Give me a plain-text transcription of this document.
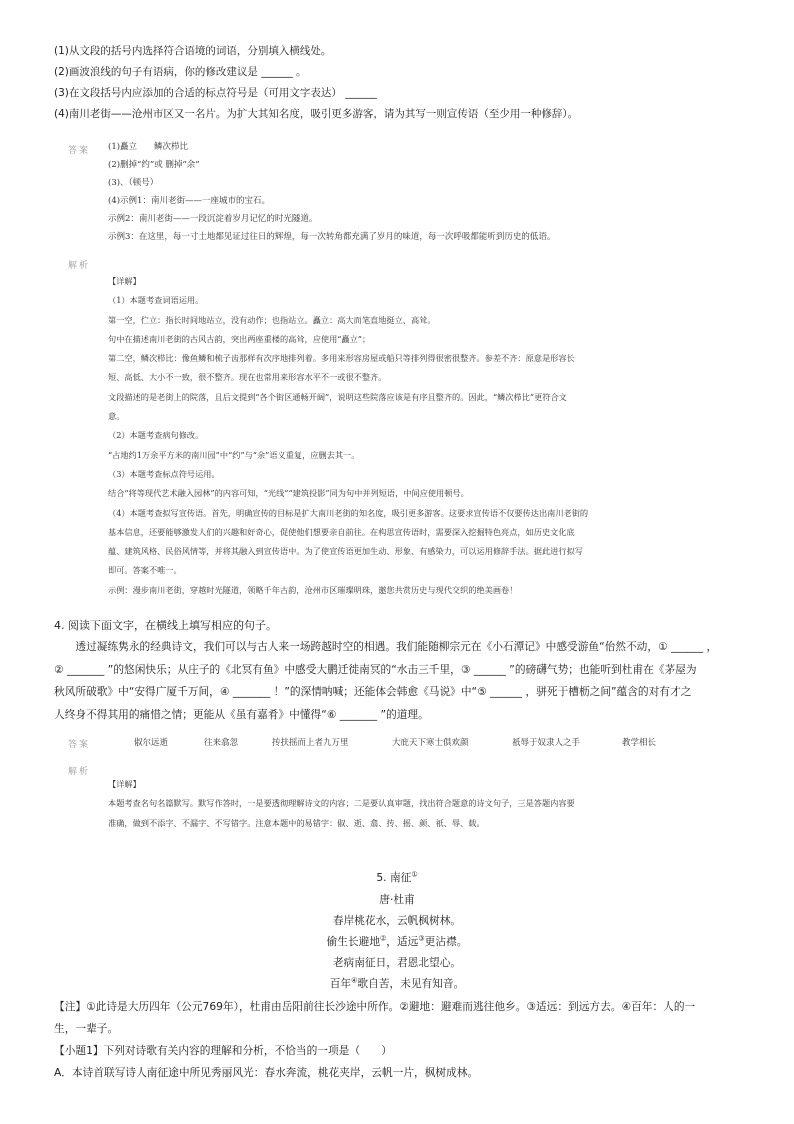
(1)从文段的括号内选择符合语境的词语，分别填入横线处。
(2)画波浪线的句子有语病，你的修改建议是 ______ 。
(3)在文段括号内应添加的合适的标点符号是（可用文字表达） ______
(4)南川老街——沧州市区又一名片。为扩大其知名度，吸引更多游客，请为其写一则宣传语（至少用一种修辞）。
答案 (1)矗立　　鳞次栉比
(2)删掉“约”或 删掉“余”
(3)、（顿号）
(4)示例1：南川老街——一座城市的宝石。
示例2：南川老街——一段沉淀着岁月记忆的时光隧道。
示例3：在这里，每一寸土地都见证过往日的辉煌，每一次转角都充满了岁月的味道，每一次呼吸都能听到历史的低语。
解析
【详解】
（1）本题考查词语运用。
第一空，伫立：指长时间地站立，没有动作；也指站立。矗立：高大而笔直地挺立、高耸。
句中在描述南川老街的古风古韵，突出两座重楼的高耸，应使用“矗立”；
第二空，鳞次栉比：像鱼鳞和梳子齿那样有次序地排列着。多用来形容房屋或船只等排列得很密很整齐。参差不齐：原意是形容长
短、高低、大小不一致，很不整齐。现在也常用来形容水平不一或很不整齐。
文段描述的是老街上的院落，且后文提到“各个街区通畅开阔”，说明这些院落应该是有序且整齐的。因此，“鳞次栉比”更符合文
意。
（2）本题考查病句修改。
“占地约1万余平方米的南川园”中“约”与“余”语义重复，应删去其一。
（3）本题考查标点符号运用。
结合“将等现代艺术融入园林”的内容可知，“光线”“建筑投影”同为句中并列短语，中间应使用顿号。
（4）本题考查拟写宣传语。首先，明确宣传的目标是扩大南川老街的知名度，吸引更多游客。这要求宣传语不仅要传达出南川老街的
基本信息，还要能够激发人们的兴趣和好奇心，促使他们想要亲自前往。在构思宣传语时，需要深入挖掘特色亮点，如历史文化底
蕴、建筑风格、民俗风情等，并将其融入到宣传语中。为了使宣传语更加生动、形象、有感染力，可以运用修辞手法。据此进行拟写
即可。答案不唯一。
示例：漫步南川老街，穿越时光隧道，领略千年古韵，沧州市区璀璨明珠，邀您共赏历史与现代交织的绝美画卷！
4. 阅读下面文字，在横线上填写相应的句子。
　　透过凝练隽永的经典诗文，我们可以与古人来一场跨越时空的相遇。我们能随柳宗元在《小石潭记》中感受游鱼“佁然不动，① ______ ，
② _______ ”的悠闲快乐；从庄子的《北冥有鱼》中感受大鹏迁徙南冥的“水击三千里，③ ______ ”的磅礴气势；也能听到杜甫在《茅屋为
秋风所破歌》中“安得广厦千万间，④ _______ ！”的深情呐喊；还能体会韩愈《马说》中“⑤ ______ ，骈死于槽枥之间”蕴含的对有才之
人终身不得其用的痛惜之情；更能从《虽有嘉肴》中懂得“⑥ _______ ”的道理。
答案	俶尔远逝	往来翕忽	抟扶摇而上者九万里	大庇天下寒士俱欢颜	祇辱于奴隶人之手	教学相长
解析
【详解】
本题考查名句名篇默写。默写作答时，一是要透彻理解诗文的内容；二是要认真审题，找出符合题意的诗文句子，三是答题内容要
准确，做到不添字、不漏字、不写错字。注意本题中的易错字：俶、逝、翕、抟、摇、颜、祇、辱、载。
5. 南征①
唐·杜甫
春岸桃花水，云帆枫树林。
偷生长避地②，适远③更沾襟。
老病南征日，君恩北望心。
百年④歌自苦，未见有知音。
【注】①此诗是大历四年（公元769年），杜甫由岳阳前往长沙途中所作。②避地：避难而逃往他乡。③适远：到远方去。④百年：人的一
生，一辈子。
【小题1】下列对诗歌有关内容的理解和分析，不恰当的一项是（　　）
A．本诗首联写诗人南征途中所见秀丽风光：春水奔流，桃花夹岸，云帆一片，枫树成林。
